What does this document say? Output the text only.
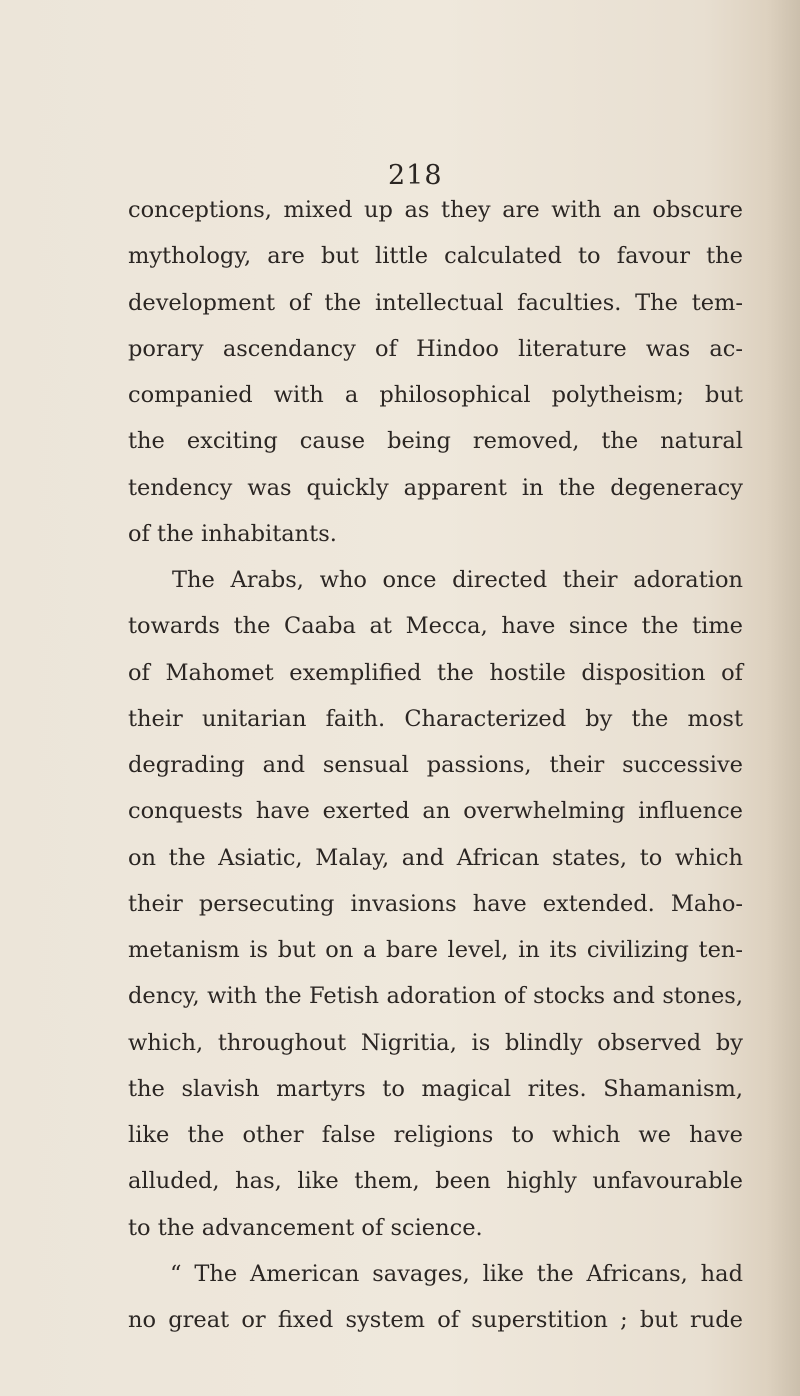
218
conceptions, mixed up as they are with an obscure
mythology, are but little calculated to favour the
development of the intellectual faculties. The tem-
porary ascendancy of Hindoo literature was ac-
companied with a philosophical polytheism; but
the exciting cause being removed, the natural
tendency was quickly apparent in the degeneracy
of the inhabitants.
The Arabs, who once directed their adoration
towards the Caaba at Mecca, have since the time
of Mahomet exemplified the hostile disposition of
their unitarian faith. Characterized by the most
degrading and sensual passions, their successive
conquests have exerted an overwhelming influence
on the Asiatic, Malay, and African states, to which
their persecuting invasions have extended. Maho-
metanism is but on a bare level, in its civilizing ten-
dency, with the Fetish adoration of stocks and stones,
which, throughout Nigritia, is blindly observed by
the slavish martyrs to magical rites. Shamanism,
like the other false religions to which we have
alluded, has, like them, been highly unfavourable
to the advancement of science.
“ The American savages, like the Africans, had
no great or fixed system of superstition ; but rude
